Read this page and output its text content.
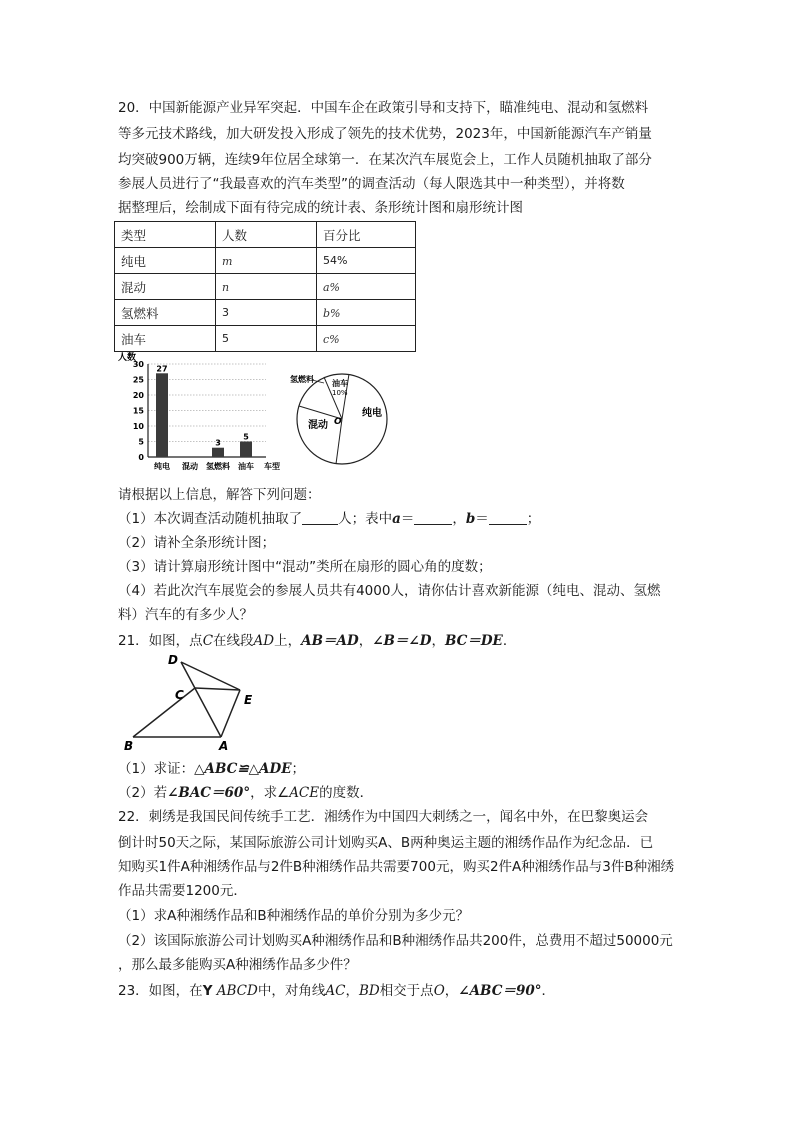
20．中国新能源产业异军突起．中国车企在政策引导和支持下，瞄准纯电、混动和氢燃料
等多元技术路线，加大研发投入形成了领先的技术优势，2023年，中国新能源汽车产销量
均突破900万辆，连续9年位居全球第一．在某次汽车展览会上，工作人员随机抽取了部分
参展人员进行了“我最喜欢的汽车类型”的调查活动（每人限选其中一种类型），并将数
据整理后，绘制成下面有待完成的统计表、条形统计图和扇形统计图
类型	人数	百分比
纯电	m	54%
混动	n	a%
氢燃料	3	b%
油车	5	c%
人数
车型
0
5
10
15
20
25
30 27
3
5
纯电 混动 氢燃料 油车
氢燃料 油车
10%
纯电
混动 O
请根据以上信息，解答下列问题：
（1）本次调查活动随机抽取了	人；表中a＝	，b＝	；
（2）请补全条形统计图；
（3）请计算扇形统计图中“混动”类所在扇形的圆心角的度数；
（4）若此次汽车展览会的参展人员共有4000人，请你估计喜欢新能源（纯电、混动、氢燃
料）汽车的有多少人？
21．如图，点C在线段AD上，AB＝AD，∠B＝∠D，BC＝DE．
D
C	E
B	A
（1）求证：△ABC≌△ADE；
（2）若∠BAC＝60°，求∠ACE的度数．
22．刺绣是我国民间传统手工艺．湘绣作为中国四大刺绣之一，闻名中外，在巴黎奥运会
倒计时50天之际，某国际旅游公司计划购买A、B两种奥运主题的湘绣作品作为纪念品．已
知购买1件A种湘绣作品与2件B种湘绣作品共需要700元，购买2件A种湘绣作品与3件B种湘绣
作品共需要1200元．
（1）求A种湘绣作品和B种湘绣作品的单价分别为多少元？
（2）该国际旅游公司计划购买A种湘绣作品和B种湘绣作品共200件，总费用不超过50000元
，那么最多能购买A种湘绣作品多少件？
23．如图，在Y ABCD中，对角线AC，BD相交于点O，∠ABC＝90°．
